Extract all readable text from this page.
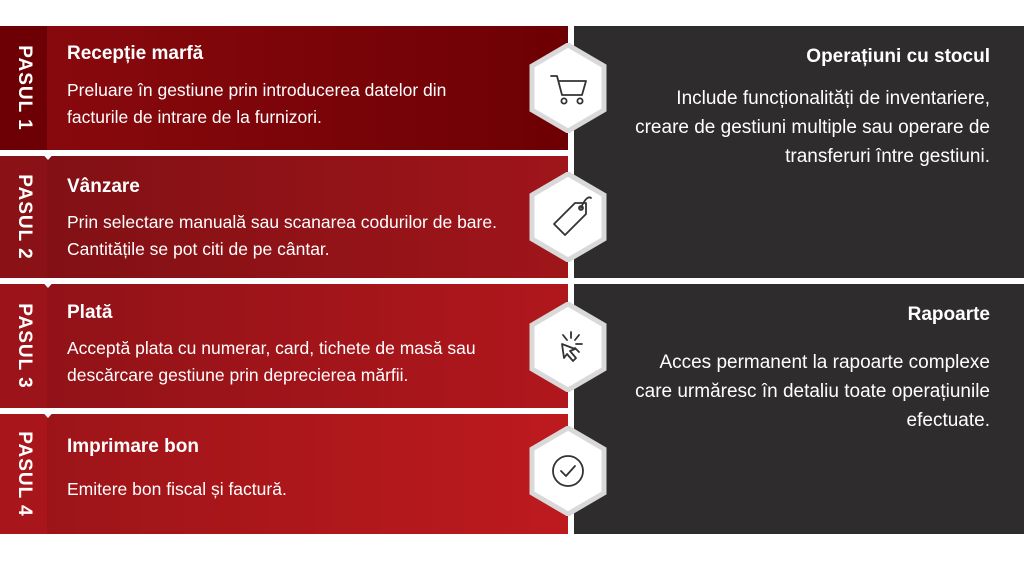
PASUL 1 Recepție marfă
Preluare în gestiune prin introducerea datelor din facturile de intrare de la furnizori.
PASUL 2 Vânzare
Prin selectare manuală sau scanarea codurilor de bare. Cantitățile se pot citi de pe cântar.
PASUL 3 Plată
Acceptă plata cu numerar, card, tichete de masă sau descărcare gestiune prin deprecierea mărfii.
PASUL 4 Imprimare bon
Emitere bon fiscal și factură.
Operațiuni cu stocul
Include funcționalități de inventariere, creare de gestiuni multiple sau operare de transferuri între gestiuni.
Rapoarte
Acces permanent la rapoarte complexe care urmăresc în detaliu toate operațiunile efectuate.
